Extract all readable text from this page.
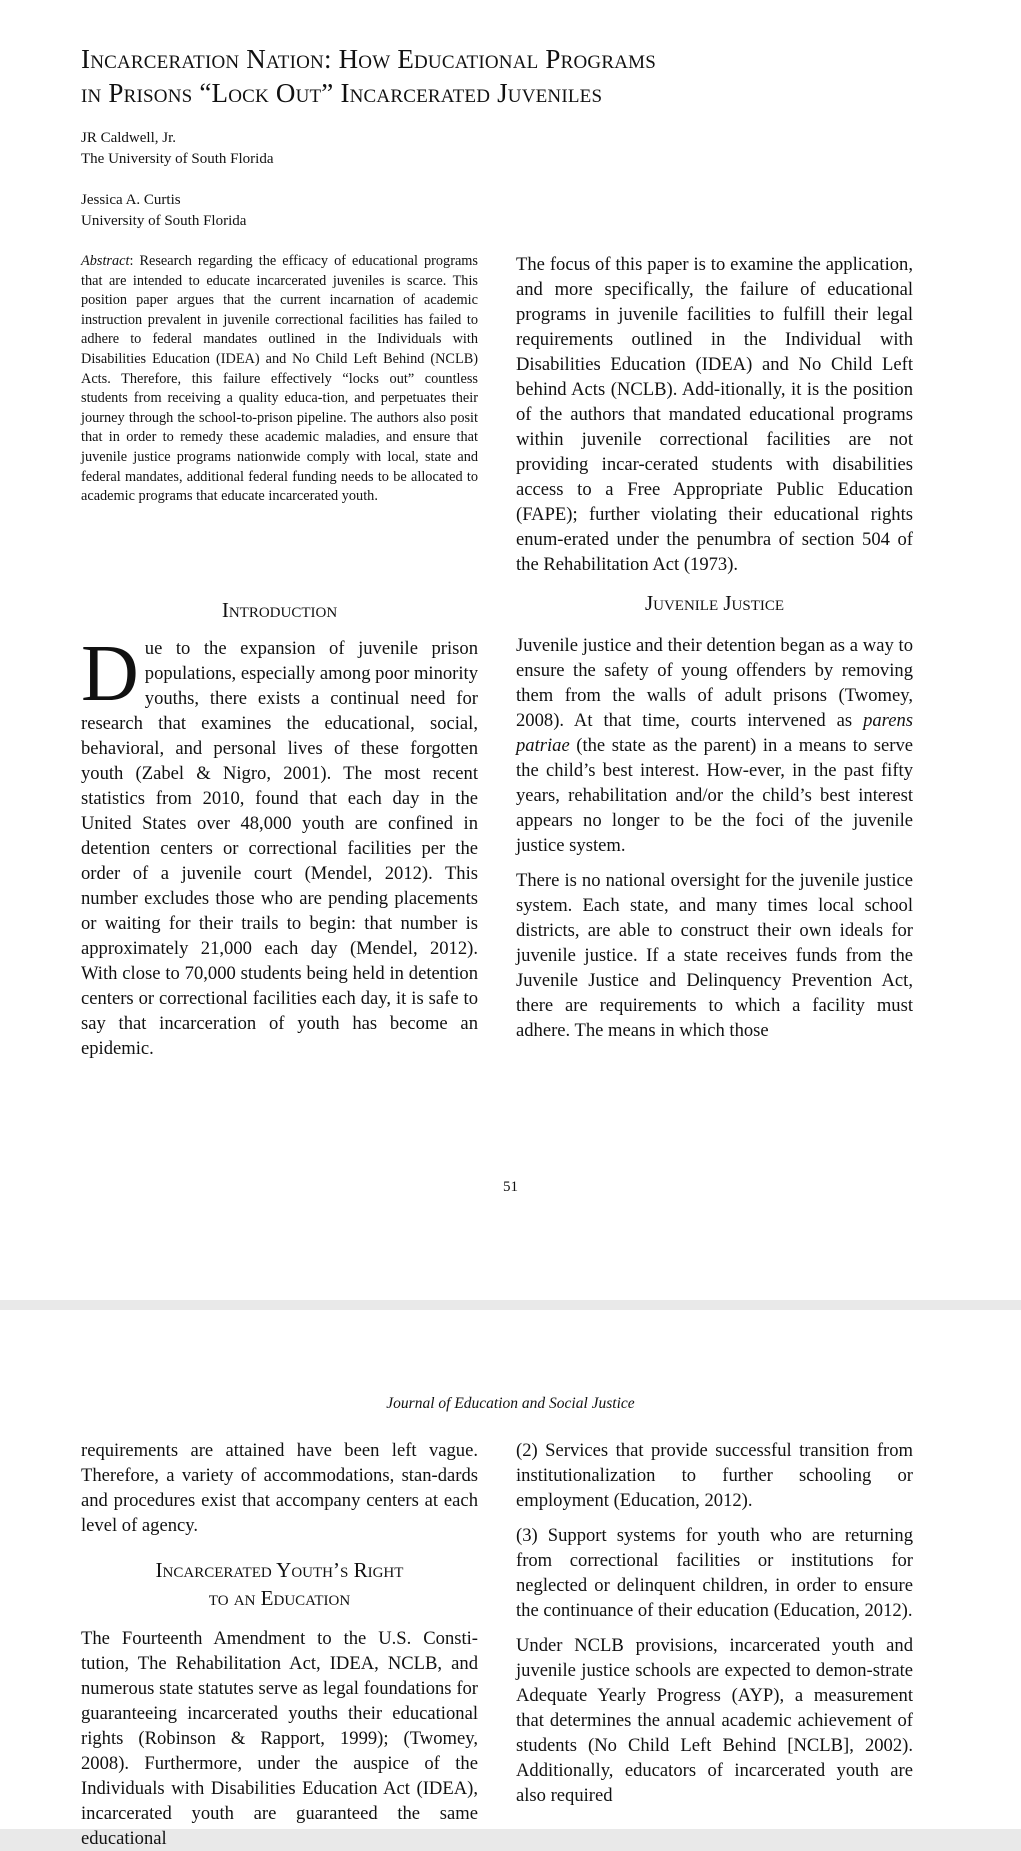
Incarceration Nation: How Educational Programs
in Prisons “Lock Out” Incarcerated Juveniles
JR Caldwell, Jr.
The University of South Florida
Jessica A. Curtis
University of South Florida

Abstract: Research regarding the efficacy of educational programs that are intended to educate incarcerated juveniles is scarce. This position paper argues that the current incarnation of academic instruction prevalent in juvenile correctional facilities has failed to adhere to federal mandates outlined in the Individuals with Disabilities Education (IDEA) and No Child Left Behind (NCLB) Acts. Therefore, this failure effectively “locks out” countless students from receiving a quality educa-tion, and perpetuates their journey through the school-to-prison pipeline. The authors also posit that in order to remedy these academic maladies, and ensure that juvenile justice programs nationwide comply with local, state and federal mandates, additional federal funding needs to be allocated to academic programs that educate incarcerated youth.

Introduction

Due to the expansion of juvenile prison populations, especially among poor minority youths, there exists a continual need for research that examines the educational, social, behavioral, and personal lives of these forgotten youth (Zabel & Nigro, 2001). The most recent statistics from 2010, found that each day in the United States over 48,000 youth are confined in detention centers or correctional facilities per the order of a juvenile court (Mendel, 2012). This number excludes those who are pending placements or waiting for their trails to begin: that number is approximately 21,000 each day (Mendel, 2012). With close to 70,000 students being held in detention centers or correctional facilities each day, it is safe to say that incarceration of youth has become an epidemic.

The focus of this paper is to examine the application, and more specifically, the failure of educational programs in juvenile facilities to fulfill their legal requirements outlined in the Individual with Disabilities Education (IDEA) and No Child Left behind Acts (NCLB). Add-itionally, it is the position of the authors that mandated educational programs within juvenile correctional facilities are not providing incar-cerated students with disabilities access to a Free Appropriate Public Education (FAPE); further violating their educational rights enum-erated under the penumbra of section 504 of the Rehabilitation Act (1973).

Juvenile Justice

Juvenile justice and their detention began as a way to ensure the safety of young offenders by removing them from the walls of adult prisons (Twomey, 2008). At that time, courts intervened as parens patriae (the state as the parent) in a means to serve the child’s best interest. How-ever, in the past fifty years, rehabilitation and/or the child’s best interest appears no longer to be the foci of the juvenile justice system.

There is no national oversight for the juvenile justice system. Each state, and many times local school districts, are able to construct their own ideals for juvenile justice. If a state receives funds from the Juvenile Justice and Delinquency Prevention Act, there are requirements to which a facility must adhere. The means in which those

51
Journal of Education and Social Justice

requirements are attained have been left vague. Therefore, a variety of accommodations, stan-dards and procedures exist that accompany centers at each level of agency.

Incarcerated Youth’s Right
to an Education

The Fourteenth Amendment to the U.S. Consti-tution, The Rehabilitation Act, IDEA, NCLB, and numerous state statutes serve as legal foundations for guaranteeing incarcerated youths their educational rights (Robinson & Rapport, 1999); (Twomey, 2008). Furthermore, under the auspice of the Individuals with Disabilities Education Act (IDEA), incarcerated youth are guaranteed the same educational

(2) Services that provide successful transition from institutionalization to further schooling or employment (Education, 2012).

(3) Support systems for youth who are returning from correctional facilities or institutions for neglected or delinquent children, in order to ensure the continuance of their education (Education, 2012).

Under NCLB provisions, incarcerated youth and juvenile justice schools are expected to demon-strate Adequate Yearly Progress (AYP), a measurement that determines the annual academic achievement of students (No Child Left Behind [NCLB], 2002). Additionally, educators of incarcerated youth are also required
